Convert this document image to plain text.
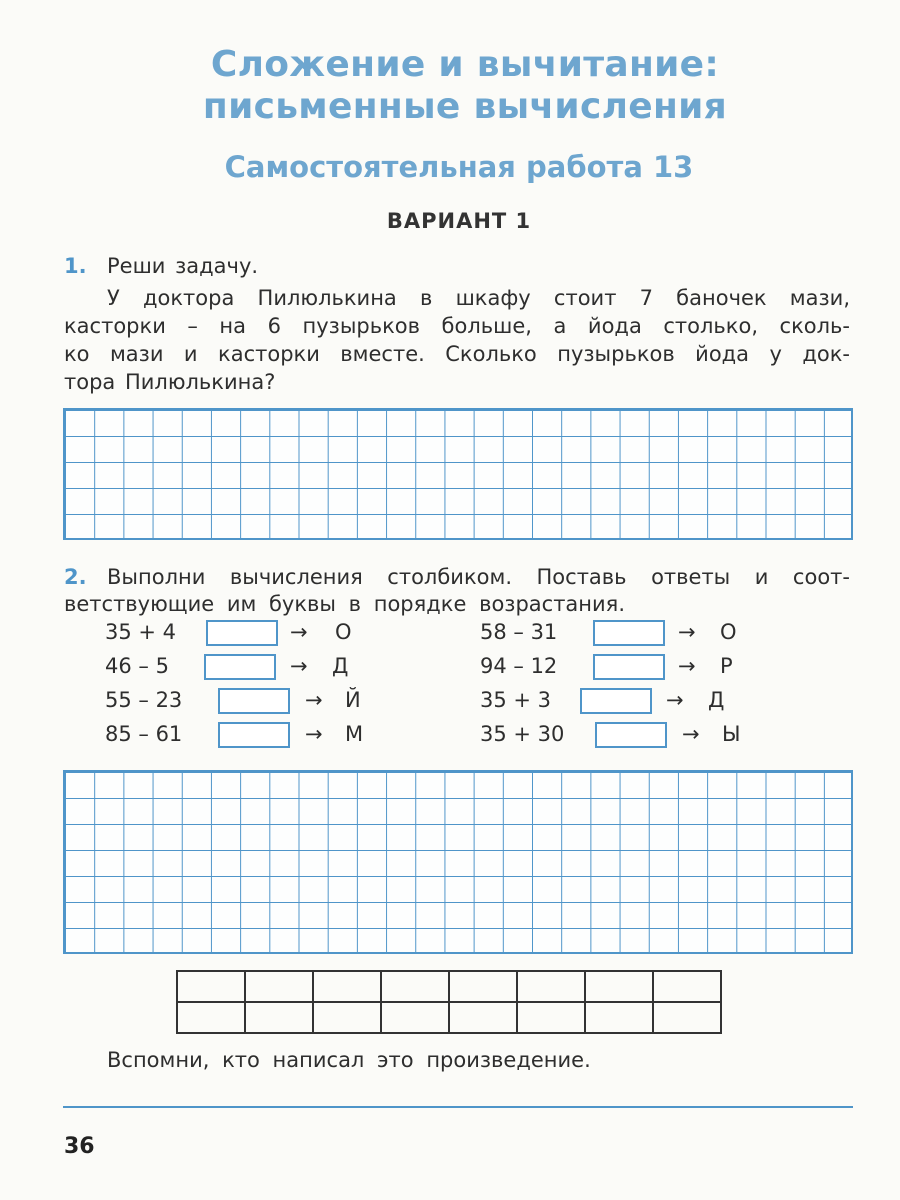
Сложение и вычитание:
письменные вычисления
Самостоятельная работа 13
ВАРИАНТ 1
1. Реши задачу.
У доктора Пилюлькина в шкафу стоит 7 баночек мази,
касторки – на 6 пузырьков больше, а йода столько, сколь-
ко мази и касторки вместе. Сколько пузырьков йода у док-
тора Пилюлькина?
2. Выполни вычисления столбиком. Поставь ответы и соот-
ветствующие им буквы в порядке возрастания.
35 + 4	→ О
46 – 5	→ Д
55 – 23	→ Й
85 – 61	→ М
58 – 31	→ О
94 – 12	→ Р
35 + 3	→ Д
35 + 30	→ Ы

Вспомни, кто написал это произведение.
36
